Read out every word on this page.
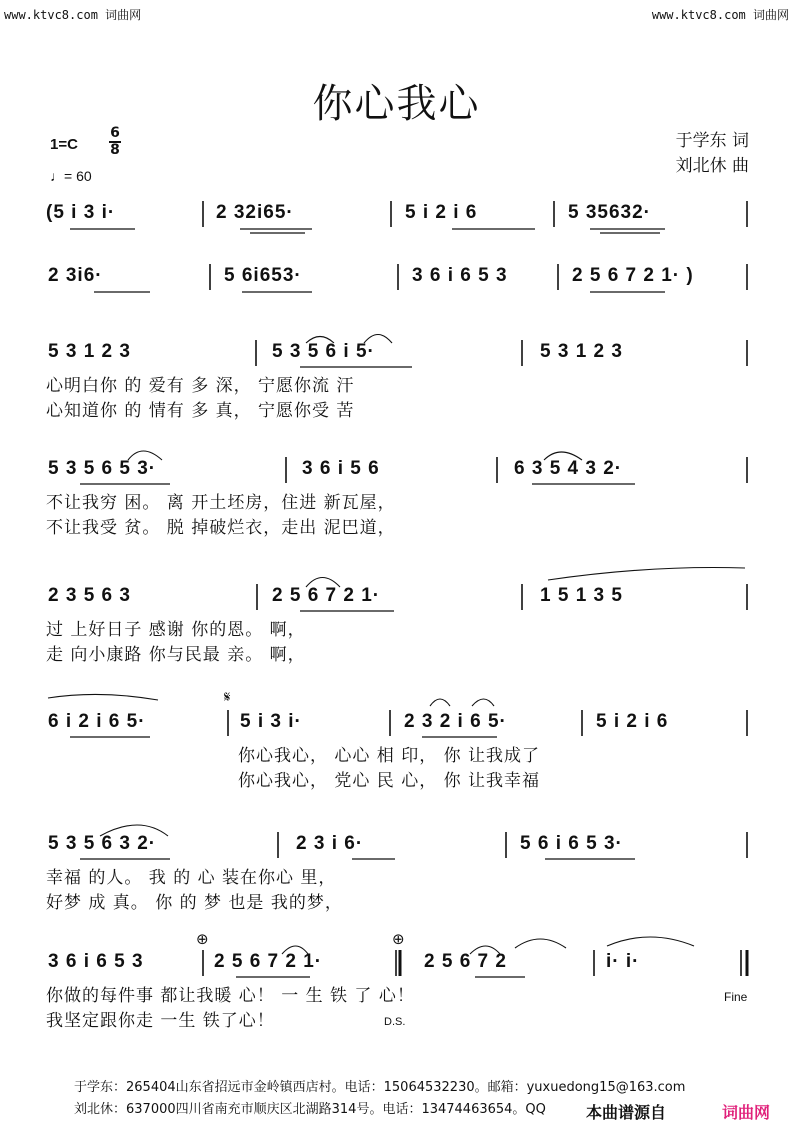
www.ktvc8.com 词曲网	www.ktvc8.com 词曲网
你心我心
于学东 词
刘北休 曲
1=C
6
8
♩= 60
(5 i 3 i·	2 32i65·	5 i 2 i 6	5 35632·
2 3i6·	5 6i653·	3 6 i 6 5 3	2 5 6 7 2 1· )
5 3 1 2 3	5 3 5 6 i 5·	5 3 1 2 3
心明白你 的 爱有 多 深， 宁愿你流 汗
心知道你 的 情有 多 真， 宁愿你受 苦
5 3 5 6 5 3·	3 6 i 5 6	6 3 5 4 3 2·
不让我穷 困。 离 开土坯房，住进 新瓦屋，
不让我受 贫。 脱 掉破烂衣，走出 泥巴道，
2 3 5 6 3	2 5 6 7 2 1·	1 5 1 3 5
过 上好日子 感谢 你的恩。 啊，
走 向小康路 你与民最 亲。 啊，
6 i 2 i 6 5·	5 i 3 i·	2 3 2 i 6 5·	5 i 2 i 6
你心我心， 心心 相 印， 你 让我成了
你心我心， 党心 民 心， 你 让我幸福
5 3 5 6 3 2·	2 3 i 6·	5 6 i 6 5 3·
幸福 的人。 我 的 心 装在你心 里，
好梦 成 真。 你 的 梦 也是 我的梦，
3 6 i 6 5 3	2 5 6 7 2 1·	2 5 6 7 2	i· i·
你做的每件事 都让我暖 心！ 一 生 铁 了 心！
我坚定跟你走 一生 铁了心！
𝄋
⊕	⊕
Fine
D.S.
于学东：265404山东省招远市金岭镇西店村。电话：15064532230。邮箱：yuxuedong15@163.com
刘北休：637000四川省南充市顺庆区北湖路314号。电话：13474463654。QQ	本曲谱源自	词曲网
